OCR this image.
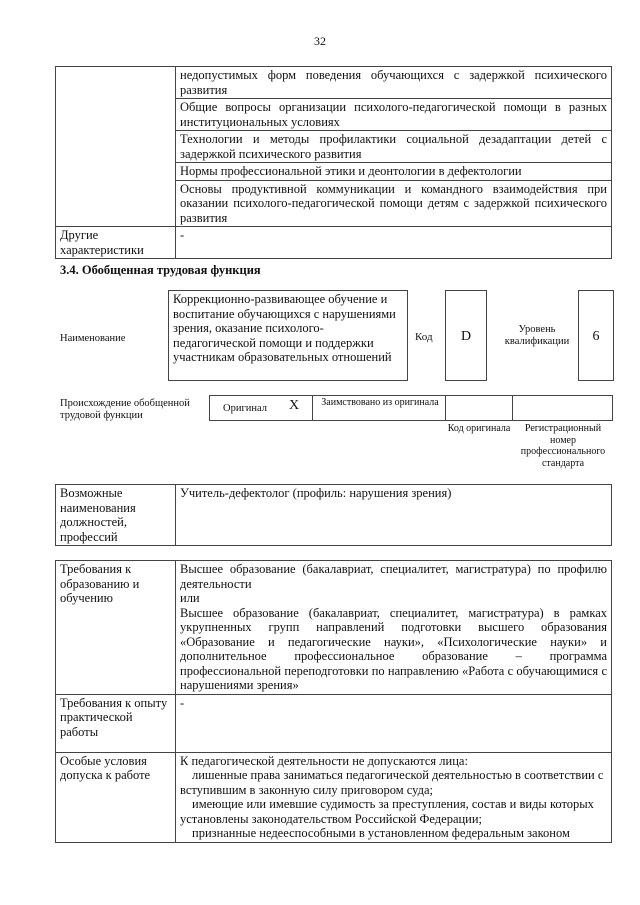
32
	недопустимых форм поведения обучающихся с задержкой психического развития
	Общие вопросы организации психолого-педагогической помощи в разных институциональных условиях
	Технологии и методы профилактики социальной дезадаптации детей с задержкой психического развития
	Нормы профессиональной этики и деонтологии в дефектологии
	Основы продуктивной коммуникации и командного взаимодействия при оказании психолого-педагогической помощи детям с задержкой психического развития
Другие характеристики	-
3.4. Обобщенная трудовая функция
Наименование
Коррекционно-развивающее обучение и воспитание обучающихся с нарушениями зрения, оказание психолого-педагогической помощи и поддержки участникам образовательных отношений
Код	D	Уровень квалификации	6
Происхождение обобщенной трудовой функции
Оригинал X	Заимствовано из оригинала
Код оригинала	Регистрационный номер профессионального стандарта
Возможные наименования должностей, профессий	Учитель-дефектолог (профиль: нарушения зрения)
Требования к образованию и обучению	Высшее образование (бакалавриат, специалитет, магистратура) по профилю деятельности
или
Высшее образование (бакалавриат, специалитет, магистратура) в рамках укрупненных групп направлений подготовки высшего образования «Образование и педагогические науки», «Психологические науки» и дополнительное профессиональное образование – программа профессиональной переподготовки по направлению «Работа с обучающимися с нарушениями зрения»

Требования к опыту практической работы	-
Особые условия допуска к работе	К педагогической деятельности не допускаются лица:
лишенные права заниматься педагогической деятельностью в соответствии с вступившим в законную силу приговором суда;
имеющие или имевшие судимость за преступления, состав и виды которых установлены законодательством Российской Федерации;
признанные недееспособными в установленном федеральным законом
